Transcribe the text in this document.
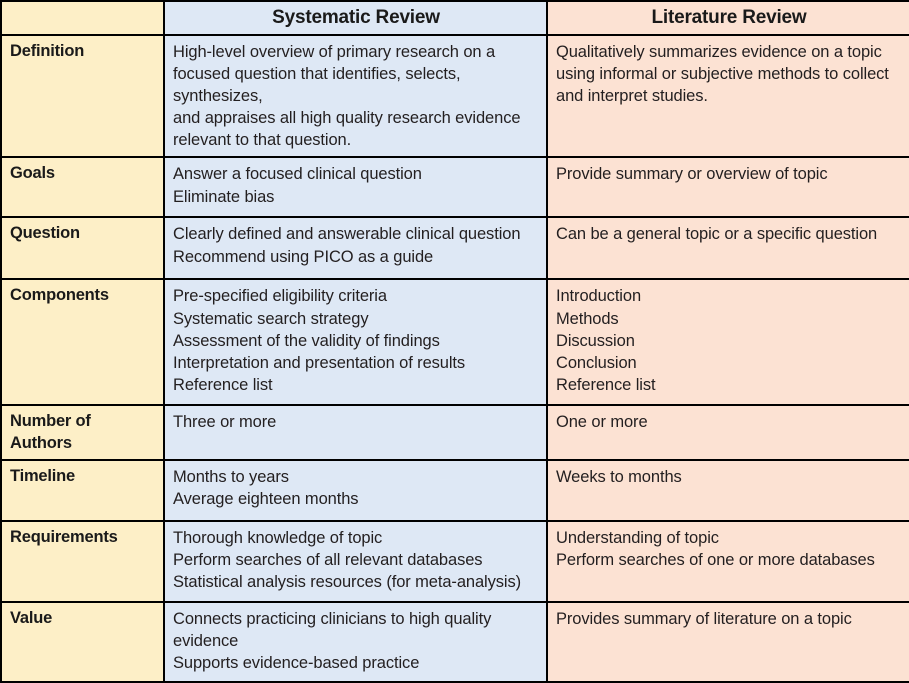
	Systematic Review	Literature Review

Definition	High-level overview of primary research on a
focused question that identifies, selects, synthesizes,
and appraises all high quality research evidence
relevant to that question.	Qualitatively summarizes evidence on a topic
using informal or subjective methods to collect
and interpret studies.

Goals	Answer a focused clinical question
Eliminate bias	Provide summary or overview of topic

Question	Clearly defined and answerable clinical question
Recommend using PICO as a guide	Can be a general topic or a specific question

Components	Pre-specified eligibility criteria
Systematic search strategy
Assessment of the validity of findings
Interpretation and presentation of results
Reference list	Introduction
Methods
Discussion
Conclusion
Reference list

Number of Authors	Three or more	One or more

Timeline	Months to years
Average eighteen months	Weeks to months

Requirements	Thorough knowledge of topic
Perform searches of all relevant databases
Statistical analysis resources (for meta-analysis)	Understanding of topic
Perform searches of one or more databases

Value	Connects practicing clinicians to high quality
evidence
Supports evidence-based practice	Provides summary of literature on a topic
